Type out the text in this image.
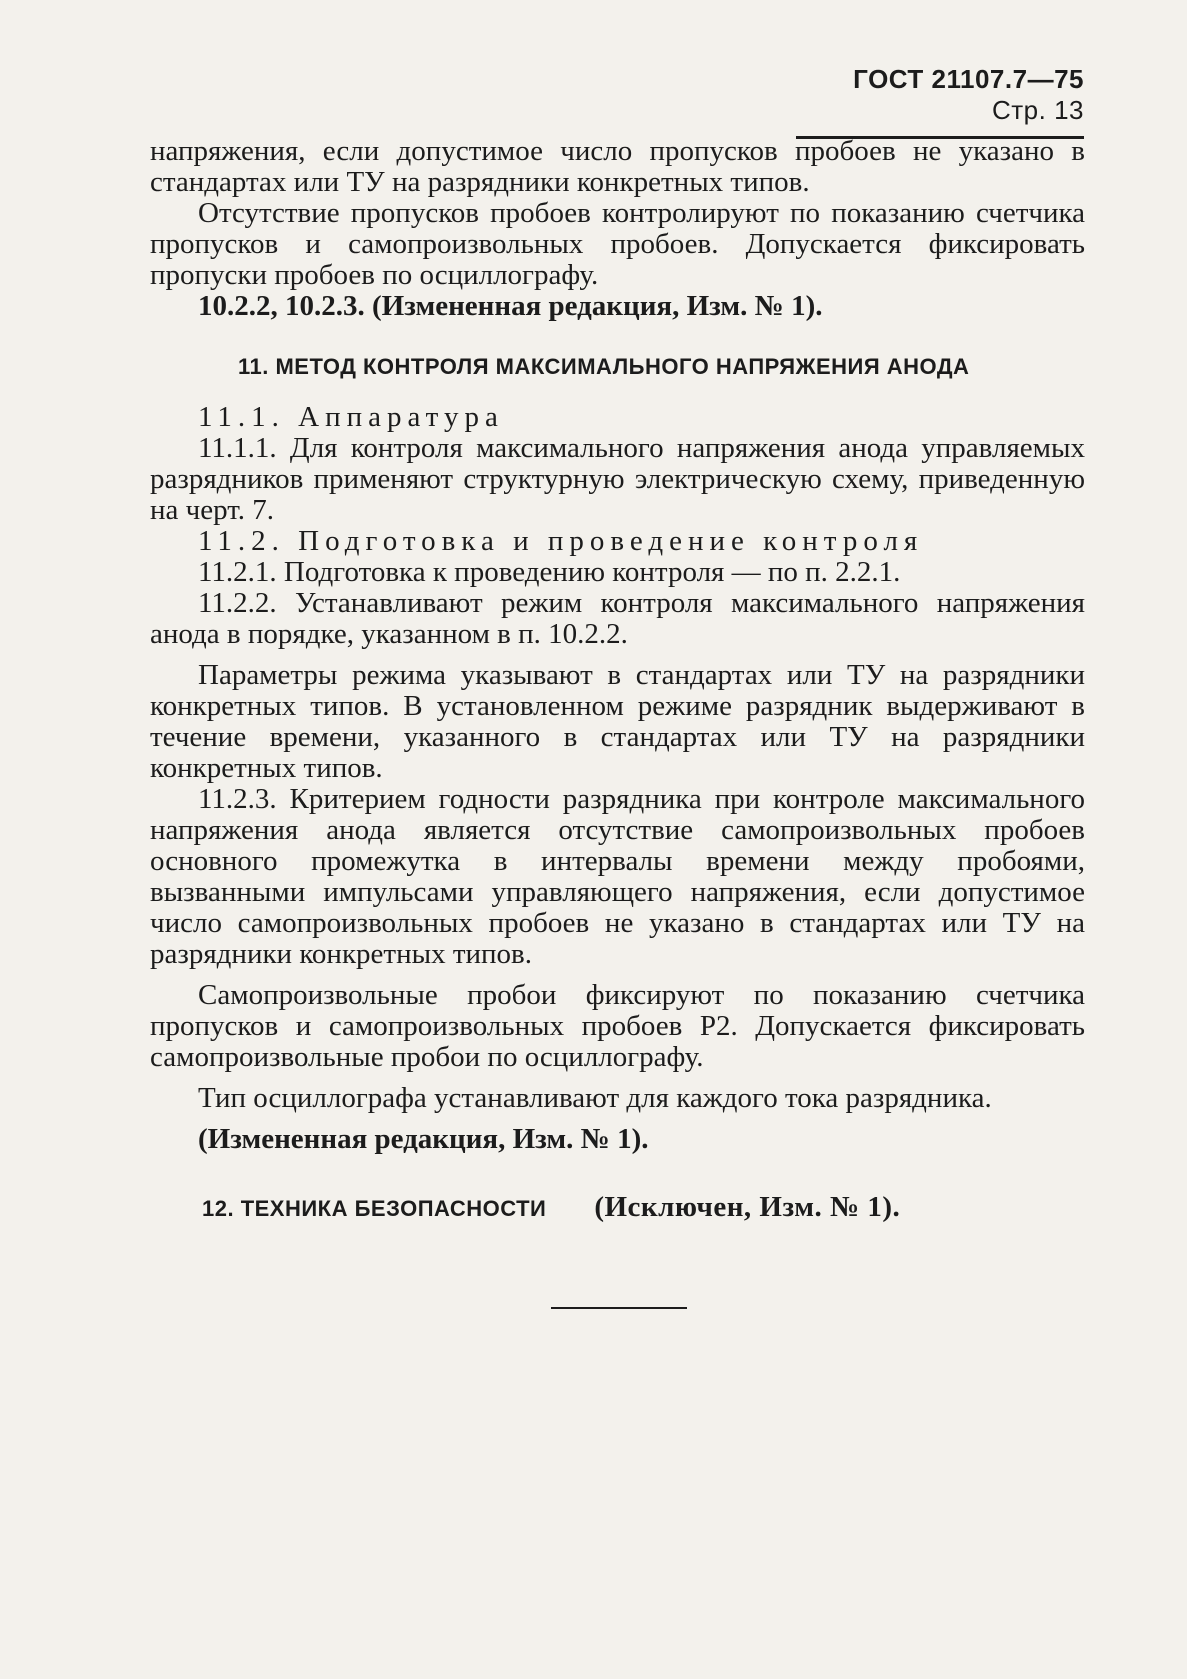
ГОСТ 21107.7—75 Стр. 13

напряжения, если допустимое число пропусков пробоев не указано в стандартах или ТУ на разрядники конкретных типов.

Отсутствие пропусков пробоев контролируют по показанию счетчика пропусков и самопроизвольных пробоев. Допускается фиксировать пропуски пробоев по осциллографу.

10.2.2, 10.2.3. (Измененная редакция, Изм. № 1).

11. МЕТОД КОНТРОЛЯ МАКСИМАЛЬНОГО НАПРЯЖЕНИЯ АНОДА

11.1. Аппаратура

11.1.1. Для контроля максимального напряжения анода управляемых разрядников применяют структурную электрическую схему, приведенную на черт. 7.

11.2. Подготовка и проведение контроля

11.2.1. Подготовка к проведению контроля — по п. 2.2.1.

11.2.2. Устанавливают режим контроля максимального напряжения анода в порядке, указанном в п. 10.2.2.

Параметры режима указывают в стандартах или ТУ на разрядники конкретных типов. В установленном режиме разрядник выдерживают в течение времени, указанного в стандартах или ТУ на разрядники конкретных типов.

11.2.3. Критерием годности разрядника при контроле максимального напряжения анода является отсутствие самопроизвольных пробоев основного промежутка в интервалы времени между пробоями, вызванными импульсами управляющего напряжения, если допустимое число самопроизвольных пробоев не указано в стандартах или ТУ на разрядники конкретных типов.

Самопроизвольные пробои фиксируют по показанию счетчика пропусков и самопроизвольных пробоев Р2. Допускается фиксировать самопроизвольные пробои по осциллографу.

Тип осциллографа устанавливают для каждого тока разрядника.

(Измененная редакция, Изм. № 1).

12. ТЕХНИКА БЕЗОПАСНОСТИ (Исключен, Изм. № 1).
